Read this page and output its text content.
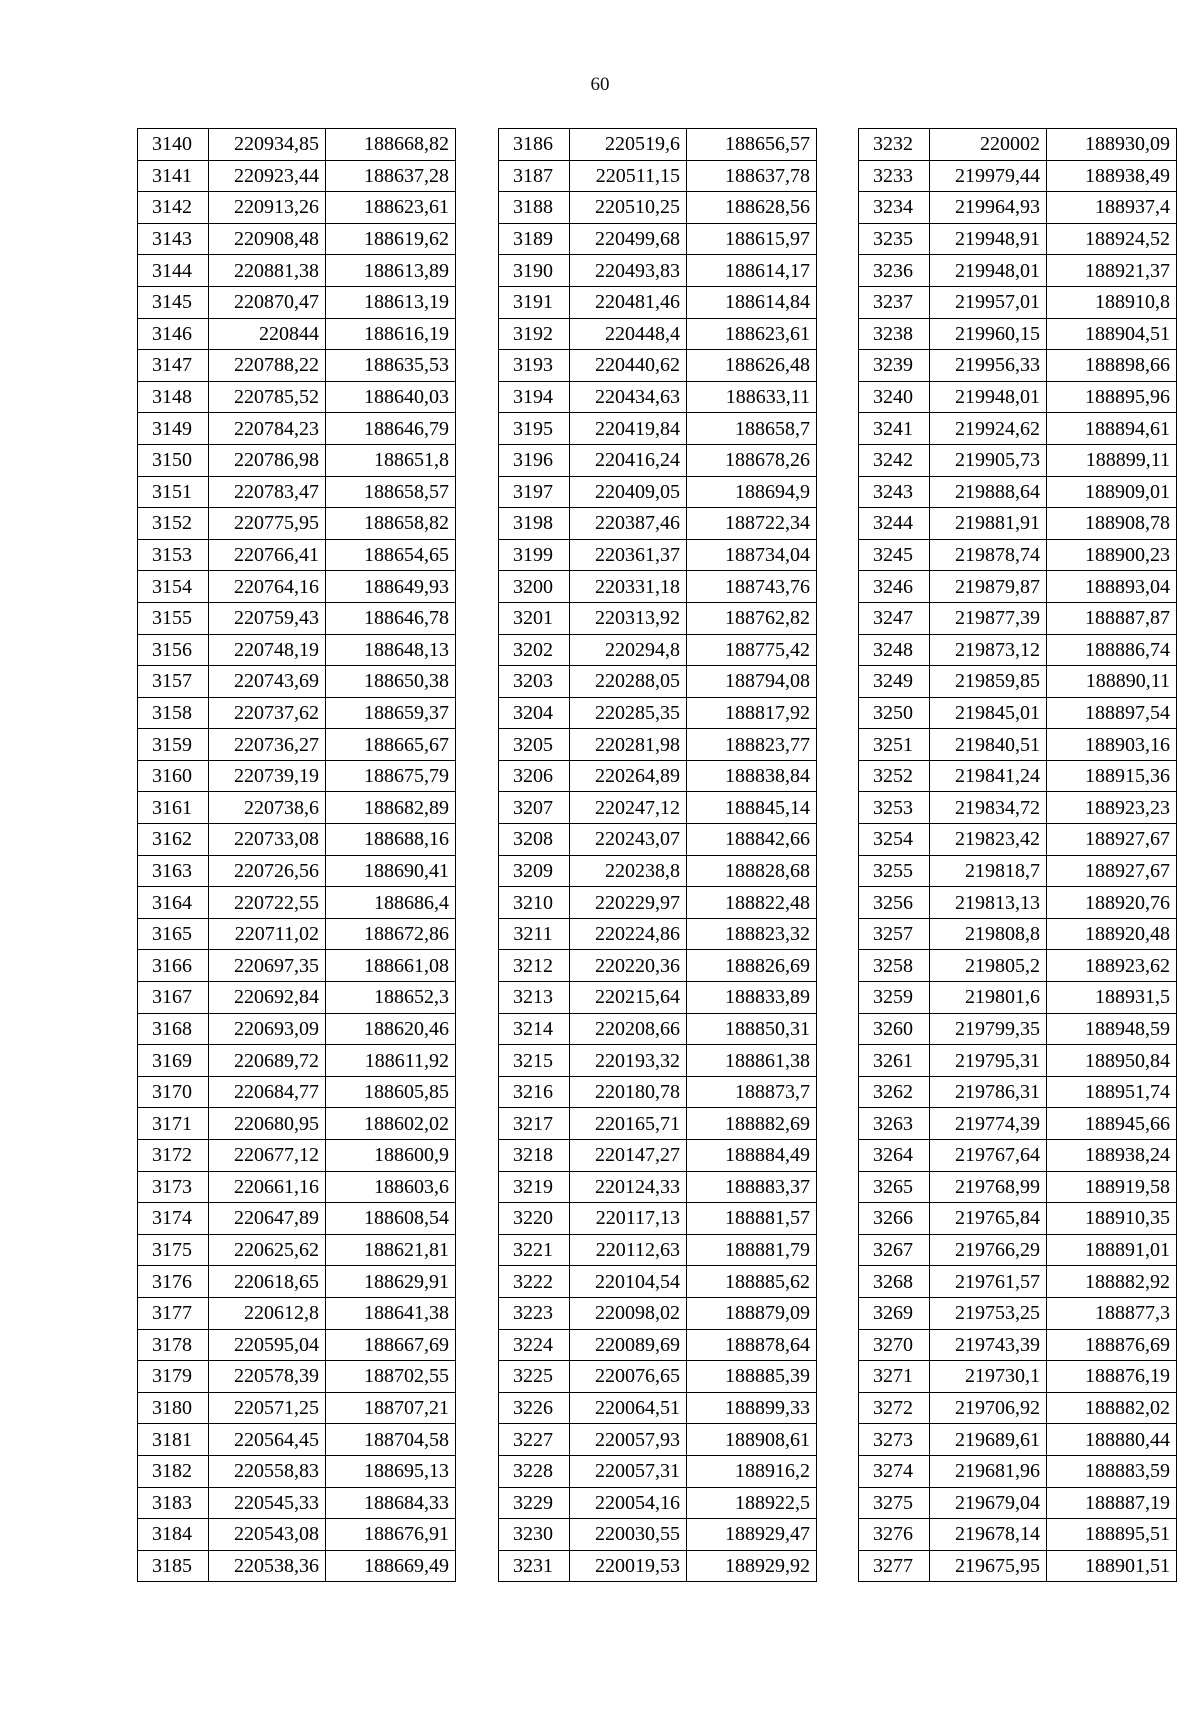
60
3140	220934,85	188668,82
3141	220923,44	188637,28
3142	220913,26	188623,61
3143	220908,48	188619,62
3144	220881,38	188613,89
3145	220870,47	188613,19
3146	220844	188616,19
3147	220788,22	188635,53
3148	220785,52	188640,03
3149	220784,23	188646,79
3150	220786,98	188651,8
3151	220783,47	188658,57
3152	220775,95	188658,82
3153	220766,41	188654,65
3154	220764,16	188649,93
3155	220759,43	188646,78
3156	220748,19	188648,13
3157	220743,69	188650,38
3158	220737,62	188659,37
3159	220736,27	188665,67
3160	220739,19	188675,79
3161	220738,6	188682,89
3162	220733,08	188688,16
3163	220726,56	188690,41
3164	220722,55	188686,4
3165	220711,02	188672,86
3166	220697,35	188661,08
3167	220692,84	188652,3
3168	220693,09	188620,46
3169	220689,72	188611,92
3170	220684,77	188605,85
3171	220680,95	188602,02
3172	220677,12	188600,9
3173	220661,16	188603,6
3174	220647,89	188608,54
3175	220625,62	188621,81
3176	220618,65	188629,91
3177	220612,8	188641,38
3178	220595,04	188667,69
3179	220578,39	188702,55
3180	220571,25	188707,21
3181	220564,45	188704,58
3182	220558,83	188695,13
3183	220545,33	188684,33
3184	220543,08	188676,91
3185	220538,36	188669,49
3186	220519,6	188656,57
3187	220511,15	188637,78
3188	220510,25	188628,56
3189	220499,68	188615,97
3190	220493,83	188614,17
3191	220481,46	188614,84
3192	220448,4	188623,61
3193	220440,62	188626,48
3194	220434,63	188633,11
3195	220419,84	188658,7
3196	220416,24	188678,26
3197	220409,05	188694,9
3198	220387,46	188722,34
3199	220361,37	188734,04
3200	220331,18	188743,76
3201	220313,92	188762,82
3202	220294,8	188775,42
3203	220288,05	188794,08
3204	220285,35	188817,92
3205	220281,98	188823,77
3206	220264,89	188838,84
3207	220247,12	188845,14
3208	220243,07	188842,66
3209	220238,8	188828,68
3210	220229,97	188822,48
3211	220224,86	188823,32
3212	220220,36	188826,69
3213	220215,64	188833,89
3214	220208,66	188850,31
3215	220193,32	188861,38
3216	220180,78	188873,7
3217	220165,71	188882,69
3218	220147,27	188884,49
3219	220124,33	188883,37
3220	220117,13	188881,57
3221	220112,63	188881,79
3222	220104,54	188885,62
3223	220098,02	188879,09
3224	220089,69	188878,64
3225	220076,65	188885,39
3226	220064,51	188899,33
3227	220057,93	188908,61
3228	220057,31	188916,2
3229	220054,16	188922,5
3230	220030,55	188929,47
3231	220019,53	188929,92
3232	220002	188930,09
3233	219979,44	188938,49
3234	219964,93	188937,4
3235	219948,91	188924,52
3236	219948,01	188921,37
3237	219957,01	188910,8
3238	219960,15	188904,51
3239	219956,33	188898,66
3240	219948,01	188895,96
3241	219924,62	188894,61
3242	219905,73	188899,11
3243	219888,64	188909,01
3244	219881,91	188908,78
3245	219878,74	188900,23
3246	219879,87	188893,04
3247	219877,39	188887,87
3248	219873,12	188886,74
3249	219859,85	188890,11
3250	219845,01	188897,54
3251	219840,51	188903,16
3252	219841,24	188915,36
3253	219834,72	188923,23
3254	219823,42	188927,67
3255	219818,7	188927,67
3256	219813,13	188920,76
3257	219808,8	188920,48
3258	219805,2	188923,62
3259	219801,6	188931,5
3260	219799,35	188948,59
3261	219795,31	188950,84
3262	219786,31	188951,74
3263	219774,39	188945,66
3264	219767,64	188938,24
3265	219768,99	188919,58
3266	219765,84	188910,35
3267	219766,29	188891,01
3268	219761,57	188882,92
3269	219753,25	188877,3
3270	219743,39	188876,69
3271	219730,1	188876,19
3272	219706,92	188882,02
3273	219689,61	188880,44
3274	219681,96	188883,59
3275	219679,04	188887,19
3276	219678,14	188895,51
3277	219675,95	188901,51
